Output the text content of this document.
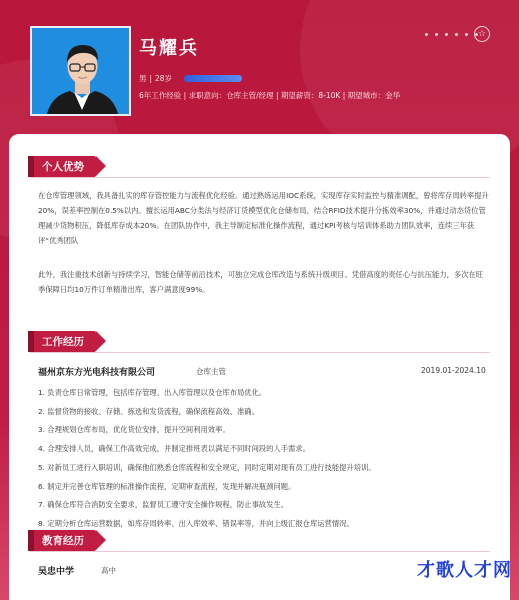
马耀兵
男 | 28岁
6年工作经验 | 求职意向：仓库主管/经理 | 期望薪资：8-10K | 期望城市：金华
☆
个人优势

在仓库管理领域，我具备扎实的库存管控能力与流程优化经验。通过熟练运用IOC系统，实现库存实时监控与精准调配，曾将库存周转率提升20%，误差率控制在0.5%以内。擅长运用ABC分类法与经济订货模型优化仓储布局，结合RFID技术提升分拣效率30%，并通过动态货位管理减少货物积压，降低库存成本20%。在团队协作中，我主导制定标准化操作流程，通过KPI考核与培训体系助力团队效率，连续三年获评“优秀团队

此外，我注重技术创新与持续学习，智能仓储等前沿技术，可独立完成仓库改造与系统升级项目。凭借高度的责任心与抗压能力，多次在旺季保障日均10万件订单精准出库，客户满意度99%。

工作经历
福州京东方光电科技有限公司	仓库主管	2019.01-2024.10
1. 负责仓库日常管理，包括库存管理、出入库管理以及仓库布局优化。
2. 监督货物的接收、存储、拣选和发货流程，确保流程高效、准确。
3. 合理规划仓库布局，优化货位安排，提升空间利用效率。
4. 合理安排人员，确保工作高效完成，并制定排班表以满足不同时间段的人手需求。
5. 对新员工进行入职培训，确保他们熟悉仓库流程和安全规定，同时定期对现有员工进行技能提升培训。
6. 制定并完善仓库管理的标准操作流程，定期审查流程，发现并解决瓶颈问题。
7. 确保仓库符合消防安全要求，监督员工遵守安全操作规程，防止事故发生。
8. 定期分析仓库运营数据，如库存周转率、出入库效率、错误率等，并向上级汇报仓库运营情况。
教育经历
吴忠中学	高中	才歌人才网
